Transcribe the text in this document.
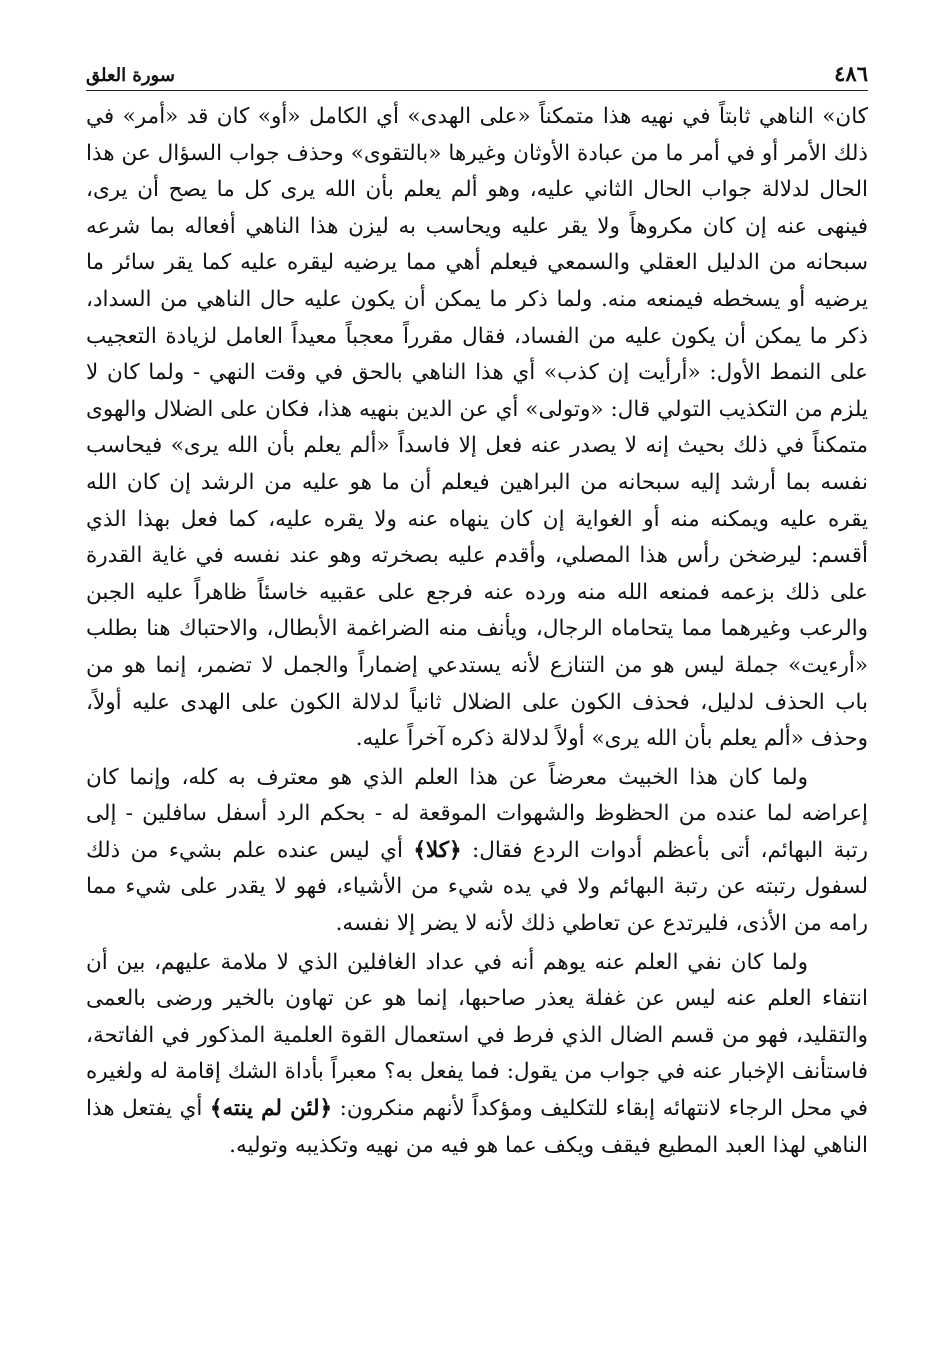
٤٨٦
سورة العلق

كان» الناهي ثابتاً في نهيه هذا متمكناً «على الهدى» أي الكامل «أو» كان قد «أمر» في ذلك الأمر أو في أمر ما من عبادة الأوثان وغيرها «بالتقوى» وحذف جواب السؤال عن هذا الحال لدلالة جواب الحال الثاني عليه، وهو ألم يعلم بأن الله يرى كل ما يصح أن يرى، فينهى عنه إن كان مكروهاً ولا يقر عليه ويحاسب به ليزن هذا الناهي أفعاله بما شرعه سبحانه من الدليل العقلي والسمعي فيعلم أهي مما يرضيه ليقره عليه كما يقر سائر ما يرضيه أو يسخطه فيمنعه منه. ولما ذكر ما يمكن أن يكون عليه حال الناهي من السداد، ذكر ما يمكن أن يكون عليه من الفساد، فقال مقرراً معجباً معيداً العامل لزيادة التعجيب على النمط الأول: «أرأيت إن كذب» أي هذا الناهي بالحق في وقت النهي - ولما كان لا يلزم من التكذيب التولي قال: «وتولى» أي عن الدين بنهيه هذا، فكان على الضلال والهوى متمكناً في ذلك بحيث إنه لا يصدر عنه فعل إلا فاسداً «ألم يعلم بأن الله يرى» فيحاسب نفسه بما أرشد إليه سبحانه من البراهين فيعلم أن ما هو عليه من الرشد إن كان الله يقره عليه ويمكنه منه أو الغواية إن كان ينهاه عنه ولا يقره عليه، كما فعل بهذا الذي أقسم: ليرضخن رأس هذا المصلي، وأقدم عليه بصخرته وهو عند نفسه في غاية القدرة على ذلك بزعمه فمنعه الله منه ورده عنه فرجع على عقبيه خاسئاً ظاهراً عليه الجبن والرعب وغيرهما مما يتحاماه الرجال، ويأنف منه الضراغمة الأبطال، والاحتباك هنا بطلب «أرءيت» جملة ليس هو من التنازع لأنه يستدعي إضماراً والجمل لا تضمر، إنما هو من باب الحذف لدليل، فحذف الكون على الضلال ثانياً لدلالة الكون على الهدى عليه أولاً، وحذف «ألم يعلم بأن الله يرى» أولاً لدلالة ذكره آخراً عليه.

ولما كان هذا الخبيث معرضاً عن هذا العلم الذي هو معترف به كله، وإنما كان إعراضه لما عنده من الحظوظ والشهوات الموقعة له - بحكم الرد أسفل سافلين - إلى رتبة البهائم، أتى بأعظم أدوات الردع فقال: ﴿كلا﴾ أي ليس عنده علم بشيء من ذلك لسفول رتبته عن رتبة البهائم ولا في يده شيء من الأشياء، فهو لا يقدر على شيء مما رامه من الأذى، فليرتدع عن تعاطي ذلك لأنه لا يضر إلا نفسه.

ولما كان نفي العلم عنه يوهم أنه في عداد الغافلين الذي لا ملامة عليهم، بين أن انتفاء العلم عنه ليس عن غفلة يعذر صاحبها، إنما هو عن تهاون بالخير ورضى بالعمى والتقليد، فهو من قسم الضال الذي فرط في استعمال القوة العلمية المذكور في الفاتحة، فاستأنف الإخبار عنه في جواب من يقول: فما يفعل به؟ معبراً بأداة الشك إقامة له ولغيره في محل الرجاء لانتهائه إبقاء للتكليف ومؤكداً لأنهم منكرون: ﴿لئن لم ينته﴾ أي يفتعل هذا الناهي لهذا العبد المطيع فيقف ويكف عما هو فيه من نهيه وتكذيبه وتوليه.
